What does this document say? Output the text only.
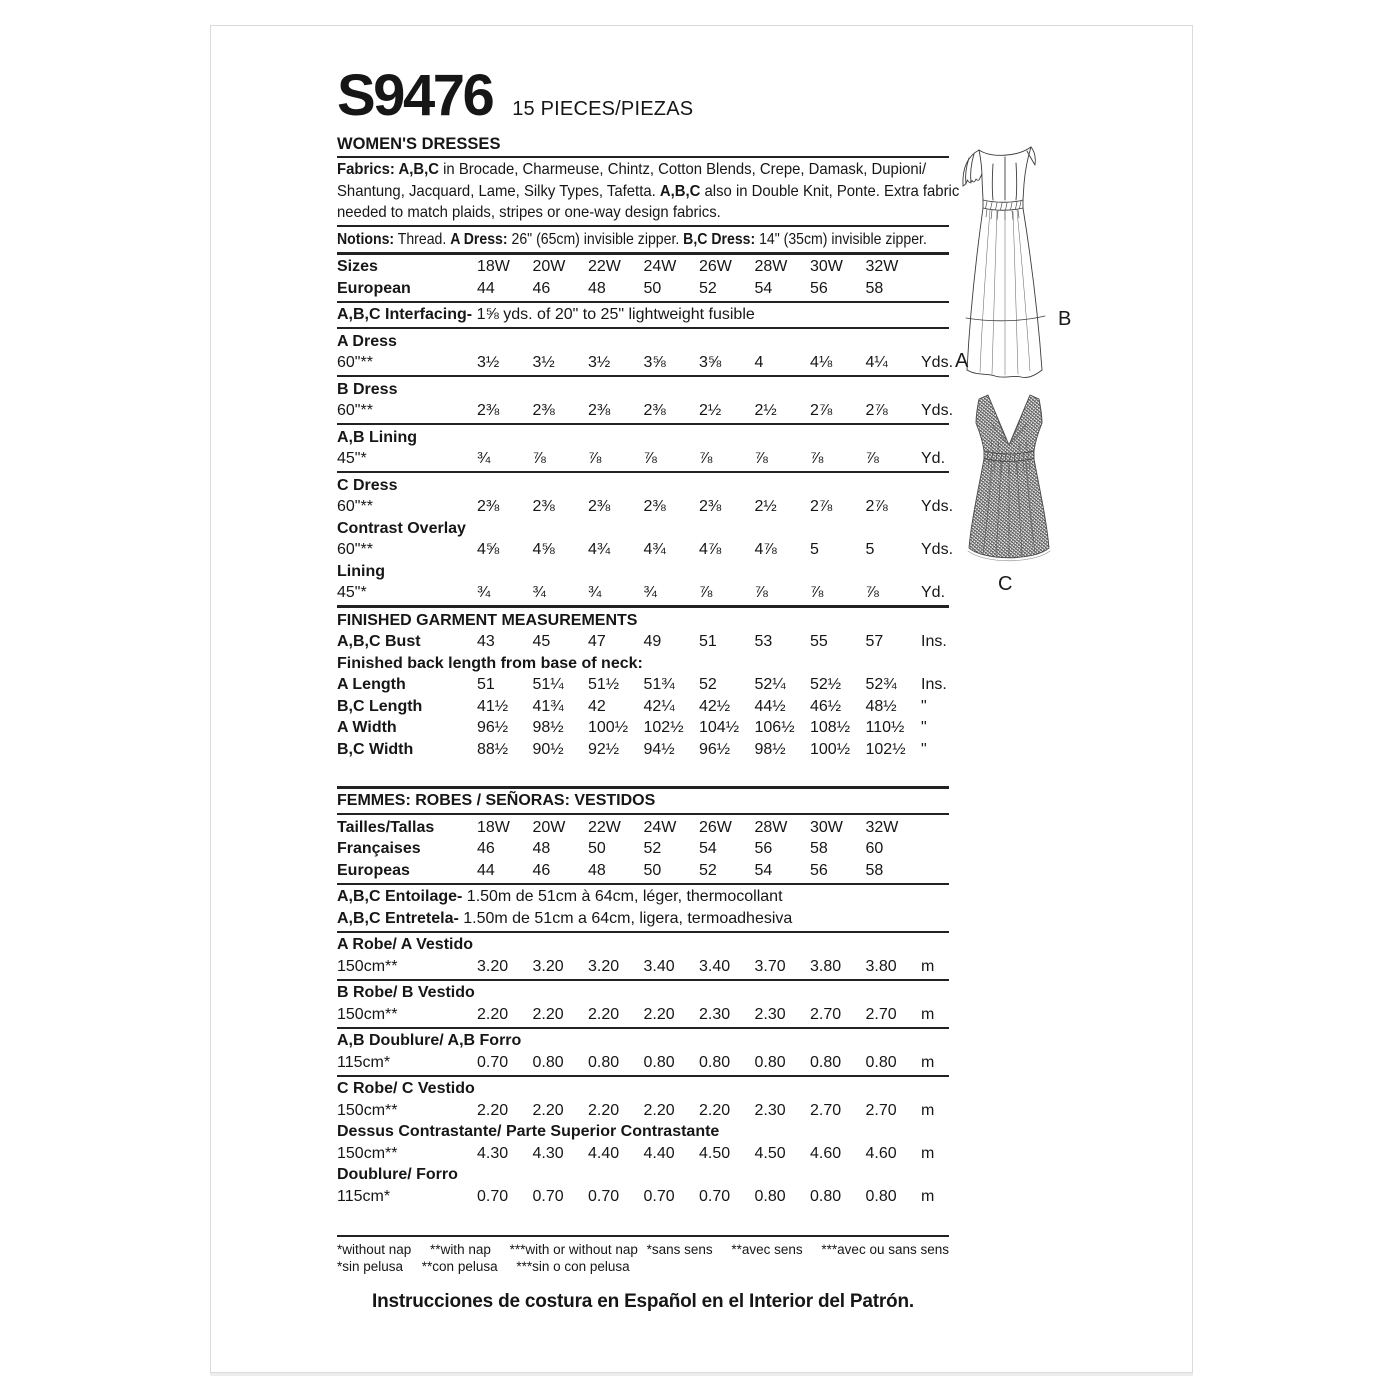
S9476 15 PIECES/PIEZAS
WOMEN'S DRESSES
Fabrics: A,B,C in Brocade, Charmeuse, Chintz, Cotton Blends, Crepe, Damask, Dupioni/
Shantung, Jacquard, Lame, Silky Types, Tafetta. A,B,C also in Double Knit, Ponte. Extra fabric
needed to match plaids, stripes or one-way design fabrics.
Notions: Thread. A Dress: 26" (65cm) invisible zipper. B,C Dress: 14" (35cm) invisible zipper.
Sizes	18W	20W	22W	24W	26W	28W	30W	32W
European	44	46	48	50	52	54	56	58
A,B,C Interfacing- 1⅝ yds. of 20" to 25" lightweight fusible
A Dress
60"**	3½	3½	3½	3⅝	3⅝	4	4⅛	4¼	Yds.
B Dress
60"**	2⅜	2⅜	2⅜	2⅜	2½	2½	2⅞	2⅞	Yds.
A,B Lining
45"*	¾	⅞	⅞	⅞	⅞	⅞	⅞	⅞	Yd.
C Dress
60"**	2⅜	2⅜	2⅜	2⅜	2⅜	2½	2⅞	2⅞	Yds.
Contrast Overlay
60"**	4⅝	4⅝	4¾	4¾	4⅞	4⅞	5	5	Yds.
Lining
45"*	¾	¾	¾	¾	⅞	⅞	⅞	⅞	Yd.
FINISHED GARMENT MEASUREMENTS
A,B,C Bust	43	45	47	49	51	53	55	57	Ins.
Finished back length from base of neck:
A Length	51	51¼	51½	51¾	52	52¼	52½	52¾	Ins.
B,C Length	41½	41¾	42	42¼	42½	44½	46½	48½	"
A Width	96½	98½	100½ 102½ 104½ 106½ 108½ 110½	"
B,C Width	88½	90½	92½	94½	96½	98½	100½ 102½ "
FEMMES: ROBES / SEÑORAS: VESTIDOS
Tailles/Tallas	18W	20W	22W	24W	26W	28W	30W	32W
Françaises	46	48	50	52	54	56	58	60
Europeas	44	46	48	50	52	54	56	58
A,B,C Entoilage- 1.50m de 51cm à 64cm, léger, thermocollant
A,B,C Entretela- 1.50m de 51cm a 64cm, ligera, termoadhesiva
A Robe/ A Vestido
150cm**	3.20	3.20	3.20	3.40	3.40	3.70	3.80	3.80	m
B Robe/ B Vestido
150cm**	2.20	2.20	2.20	2.20	2.30	2.30	2.70	2.70	m
A,B Doublure/ A,B Forro
115cm*	0.70	0.80	0.80	0.80	0.80	0.80	0.80	0.80	m
C Robe/ C Vestido
150cm**	2.20	2.20	2.20	2.20	2.20	2.30	2.70	2.70	m
Dessus Contrastante/ Parte Superior Contrastante
150cm**	4.30	4.30	4.40	4.40	4.50	4.50	4.60	4.60	m
Doublure/ Forro
115cm*	0.70	0.70	0.70	0.70	0.70	0.80	0.80	0.80	m
*without nap     **with nap     ***with or without nap *sans sens     **avec sens     ***avec ou sans sens
*sin pelusa     **con pelusa     ***sin o con pelusa
Instrucciones de costura en Español en el Interior del Patrón.
A
B
C
